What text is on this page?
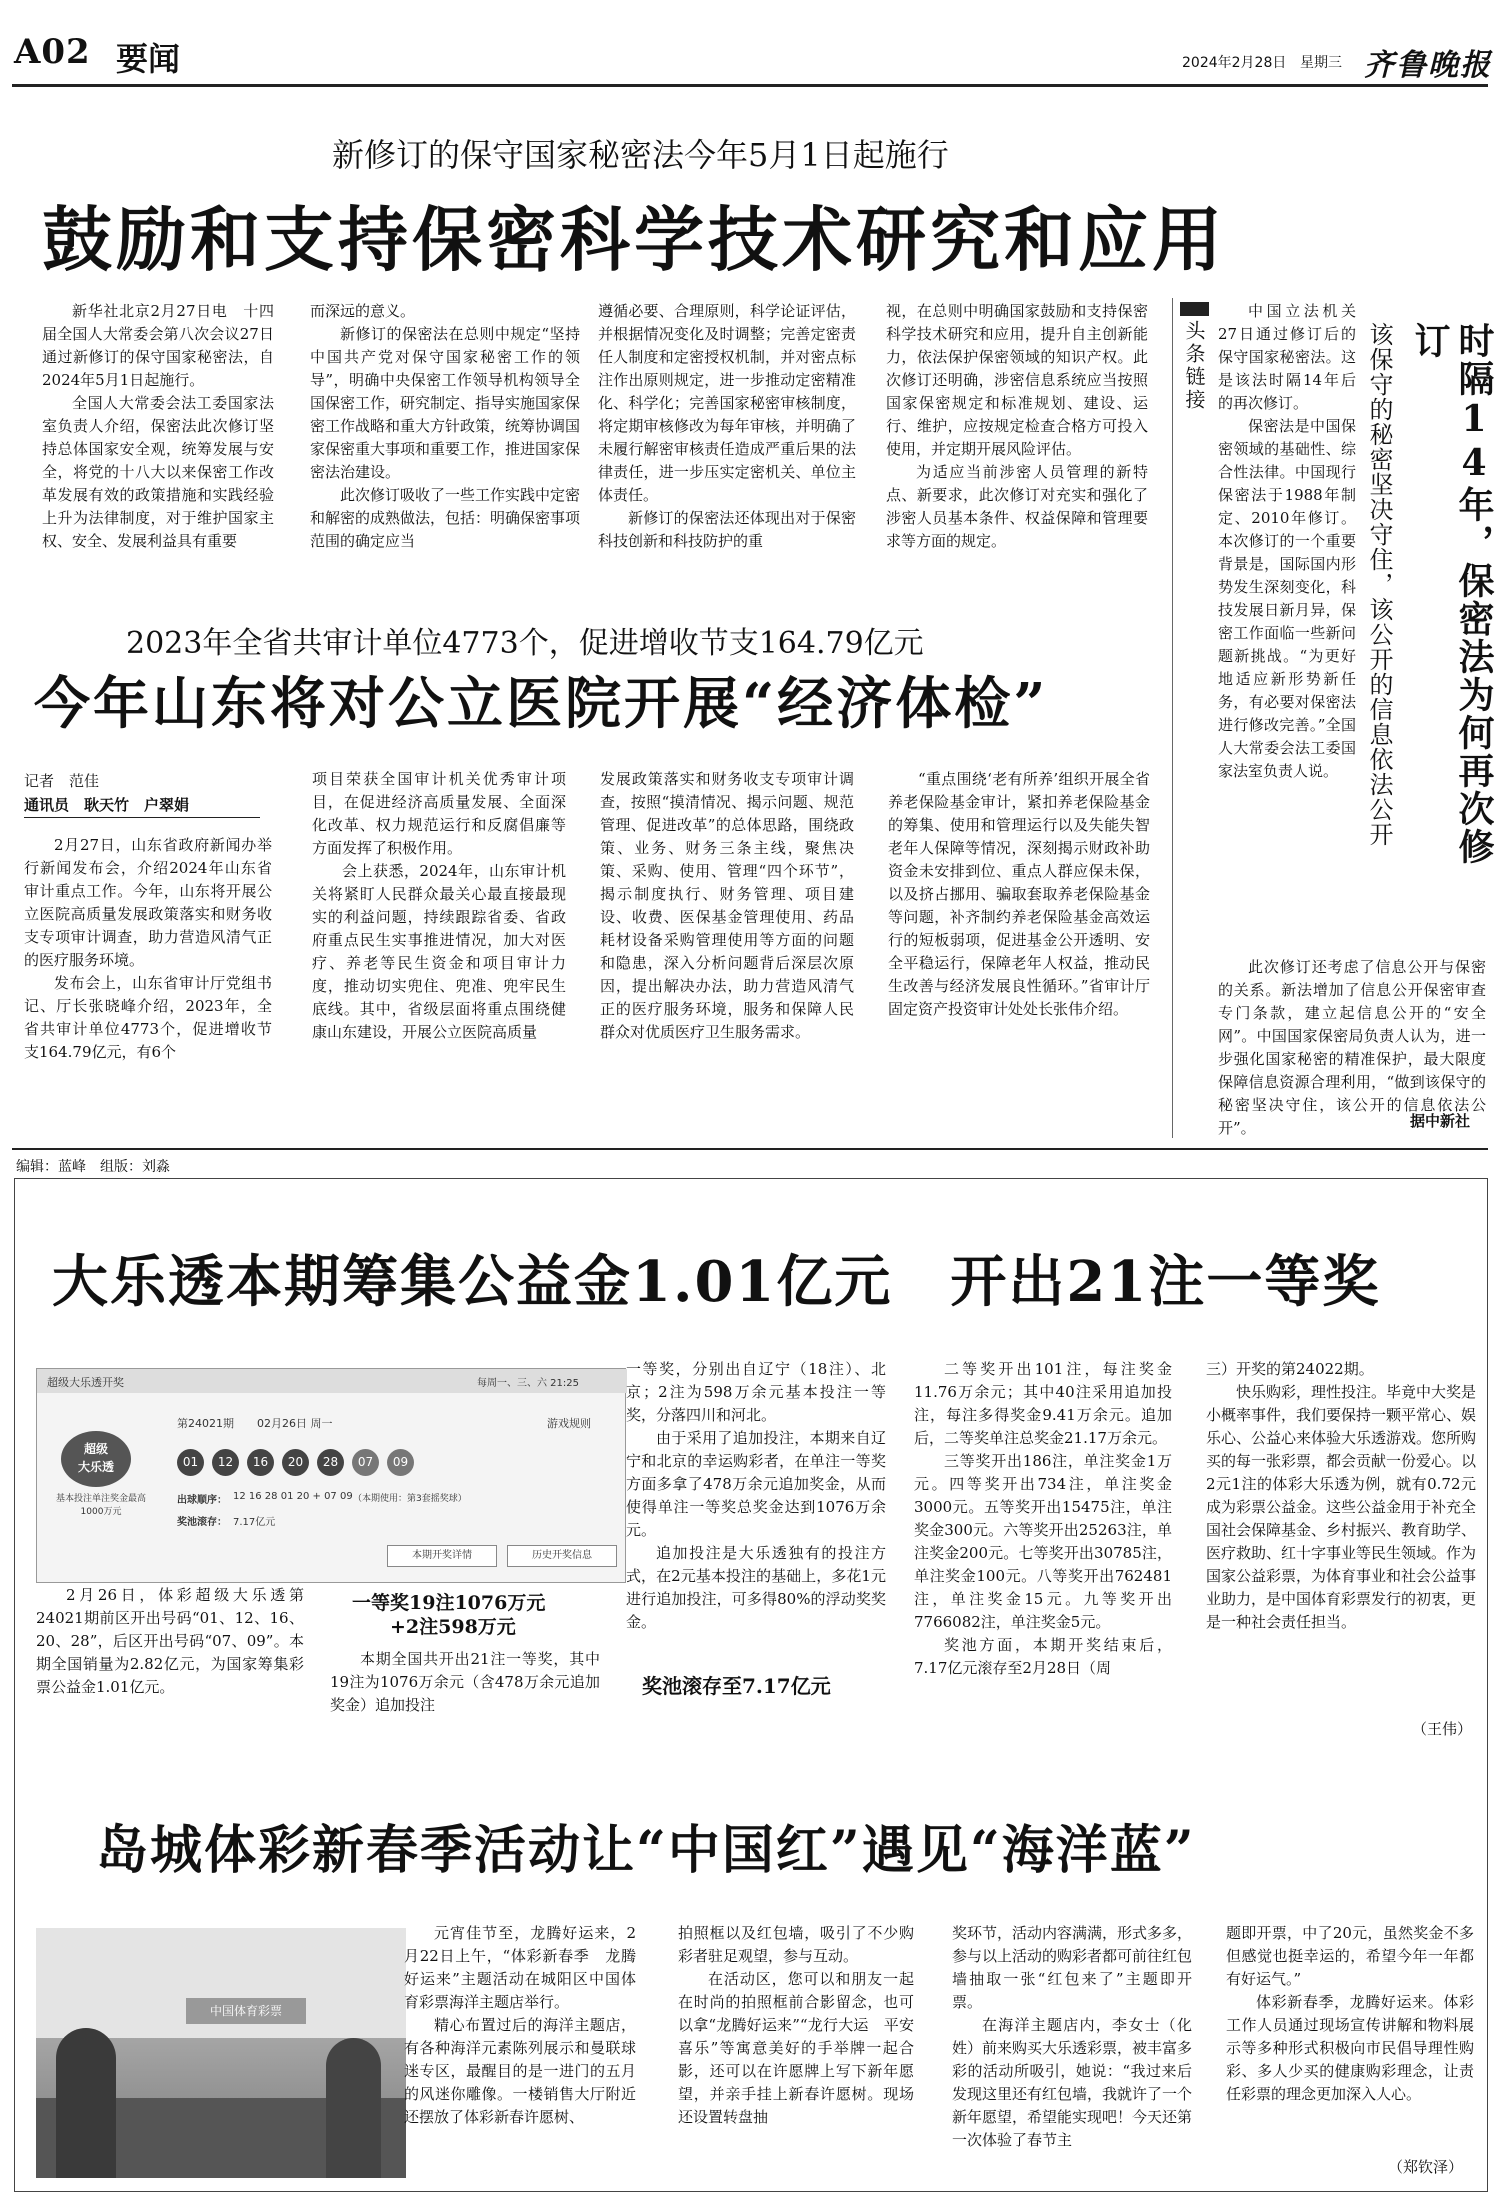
A02 要闻	2024年2月28日 星期三 齐鲁晚报
新修订的保守国家秘密法今年5月1日起施行
鼓励和支持保密科学技术研究和应用

新华社北京2月27日电　十四届全国人大常委会第八次会议27日通过新修订的保守国家秘密法，自2024年5月1日起施行。

全国人大常委会法工委国家法室负责人介绍，保密法此次修订坚持总体国家安全观，统筹发展与安全，将党的十八大以来保密工作改革发展有效的政策措施和实践经验上升为法律制度，对于维护国家主权、安全、发展利益具有重要

而深远的意义。

新修订的保密法在总则中规定“坚持中国共产党对保守国家秘密工作的领导”，明确中央保密工作领导机构领导全国保密工作，研究制定、指导实施国家保密工作战略和重大方针政策，统筹协调国家保密重大事项和重要工作，推进国家保密法治建设。

此次修订吸收了一些工作实践中定密和解密的成熟做法，包括：明确保密事项范围的确定应当

遵循必要、合理原则，科学论证评估，并根据情况变化及时调整；完善定密责任人制度和定密授权机制，并对密点标注作出原则规定，进一步推动定密精准化、科学化；完善国家秘密审核制度，将定期审核修改为每年审核，并明确了未履行解密审核责任造成严重后果的法律责任，进一步压实定密机关、单位主体责任。

新修订的保密法还体现出对于保密科技创新和科技防护的重

视，在总则中明确国家鼓励和支持保密科学技术研究和应用，提升自主创新能力，依法保护保密领域的知识产权。此次修订还明确，涉密信息系统应当按照国家保密规定和标准规划、建设、运行、维护，应按规定检查合格方可投入使用，并定期开展风险评估。

为适应当前涉密人员管理的新特点、新要求，此次修订对充实和强化了涉密人员基本条件、权益保障和管理要求等方面的规定。

头条链接

中国立法机关27日通过修订后的保守国家秘密法。这是该法时隔14年后的再次修订。

保密法是中国保密领域的基础性、综合性法律。中国现行保密法于1988年制定、2010年修订。本次修订的一个重要背景是，国际国内形势发生深刻变化，科技发展日新月异，保密工作面临一些新问题新挑战。“为更好地适应新形势新任务，有必要对保密法进行修改完善。”全国人大常委会法工委国家法室负责人说。	该保守的秘密坚决守住，该公开的信息依法公开	时隔14年，保密法为何再次修订

此次修订还考虑了信息公开与保密的关系。新法增加了信息公开保密审查专门条款，建立起信息公开的“安全网”。中国国家保密局负责人认为，进一步强化国家秘密的精准保护，最大限度保障信息资源合理利用，“做到该保守的秘密坚决守住，该公开的信息依法公开”。	据中新社
2023年全省共审计单位4773个，促进增收节支164.79亿元
今年山东将对公立医院开展“经济体检”
记者　范佳
通讯员　耿天竹　户翠娟

2月27日，山东省政府新闻办举行新闻发布会，介绍2024年山东省审计重点工作。今年，山东将开展公立医院高质量发展政策落实和财务收支专项审计调查，助力营造风清气正的医疗服务环境。

发布会上，山东省审计厅党组书记、厅长张晓峰介绍，2023年，全省共审计单位4773个，促进增收节支164.79亿元，有6个

项目荣获全国审计机关优秀审计项目，在促进经济高质量发展、全面深化改革、权力规范运行和反腐倡廉等方面发挥了积极作用。

会上获悉，2024年，山东审计机关将紧盯人民群众最关心最直接最现实的利益问题，持续跟踪省委、省政府重点民生实事推进情况，加大对医疗、养老等民生资金和项目审计力度，推动切实兜住、兜准、兜牢民生底线。其中，省级层面将重点围绕健康山东建设，开展公立医院高质量

发展政策落实和财务收支专项审计调查，按照“摸清情况、揭示问题、规范管理、促进改革”的总体思路，围绕政策、业务、财务三条主线，聚焦决策、采购、使用、管理“四个环节”，揭示制度执行、财务管理、项目建设、收费、医保基金管理使用、药品耗材设备采购管理使用等方面的问题和隐患，深入分析问题背后深层次原因，提出解决办法，助力营造风清气正的医疗服务环境，服务和保障人民群众对优质医疗卫生服务需求。

“重点围绕‘老有所养’组织开展全省养老保险基金审计，紧扣养老保险基金的筹集、使用和管理运行以及失能失智老年人保障等情况，深刻揭示财政补助资金未安排到位、重点人群应保未保，以及挤占挪用、骗取套取养老保险基金等问题，补齐制约养老保险基金高效运行的短板弱项，促进基金公开透明、安全平稳运行，保障老年人权益，推动民生改善与经济发展良性循环。”省审计厅固定资产投资审计处处长张伟介绍。

编辑：蓝峰　组版：刘淼
大乐透本期筹集公益金1.01亿元　开出21注一等奖
超级大乐透开奖	每周一、三、六 21:25
第24021期 02月26日 周一	游戏规则
超级
大乐透
基本投注单注奖金最高1000万元
01	12	16	20	28	07	09
出球顺序： 12 16 28 01 20 + 07 09 （本期使用：第3套摇奖球）
奖池滚存： 7.17亿元
本期开奖详情	历史开奖信息

2月26日，体彩超级大乐透第24021期前区开出号码“01、12、16、20、28”，后区开出号码“07、09”。本期全国销量为2.82亿元，为国家筹集彩票公益金1.01亿元。

一等奖19注1076万元
+2注598万元

本期全国共开出21注一等奖，其中19注为1076万余元（含478万余元追加奖金）追加投注

一等奖，分别出自辽宁（18注）、北京；2注为598万余元基本投注一等奖，分落四川和河北。

由于采用了追加投注，本期来自辽宁和北京的幸运购彩者，在单注一等奖方面多拿了478万余元追加奖金，从而使得单注一等奖总奖金达到1076万余元。

追加投注是大乐透独有的投注方式，在2元基本投注的基础上，多花1元进行追加投注，可多得80%的浮动奖奖金。

奖池滚存至7.17亿元

二等奖开出101注，每注奖金11.76万余元；其中40注采用追加投注，每注多得奖金9.41万余元。追加后，二等奖单注总奖金21.17万余元。

三等奖开出186注，单注奖金1万元。四等奖开出734注，单注奖金3000元。五等奖开出15475注，单注奖金300元。六等奖开出25263注，单注奖金200元。七等奖开出30785注，单注奖金100元。八等奖开出762481注，单注奖金15元。九等奖开出7766082注，单注奖金5元。

奖池方面，本期开奖结束后，7.17亿元滚存至2月28日（周

三）开奖的第24022期。

快乐购彩，理性投注。毕竟中大奖是小概率事件，我们要保持一颗平常心、娱乐心、公益心来体验大乐透游戏。您所购买的每一张彩票，都会贡献一份爱心。以2元1注的体彩大乐透为例，就有0.72元成为彩票公益金。这些公益金用于补充全国社会保障基金、乡村振兴、教育助学、医疗救助、红十字事业等民生领域。作为国家公益彩票，为体育事业和社会公益事业助力，是中国体育彩票发行的初衷，更是一种社会责任担当。

（王伟）
岛城体彩新春季活动让“中国红”遇见“海洋蓝”
中国体育彩票

元宵佳节至，龙腾好运来，2月22日上午，“体彩新春季　龙腾好运来”主题活动在城阳区中国体育彩票海洋主题店举行。

精心布置过后的海洋主题店，有各种海洋元素陈列展示和曼联球迷专区，最醒目的是一进门的五月的风迷你雕像。一楼销售大厅附近还摆放了体彩新春许愿树、

拍照框以及红包墙，吸引了不少购彩者驻足观望，参与互动。

在活动区，您可以和朋友一起在时尚的拍照框前合影留念，也可以拿“龙腾好运来”“龙行大运　平安喜乐”等寓意美好的手举牌一起合影，还可以在许愿牌上写下新年愿望，并亲手挂上新春许愿树。现场还设置转盘抽

奖环节，活动内容满满，形式多多，参与以上活动的购彩者都可前往红包墙抽取一张“红包来了”主题即开票。

在海洋主题店内，李女士（化姓）前来购买大乐透彩票，被丰富多彩的活动所吸引，她说：“我过来后发现这里还有红包墙，我就许了一个新年愿望，希望能实现吧！今天还第一次体验了春节主

题即开票，中了20元，虽然奖金不多但感觉也挺幸运的，希望今年一年都有好运气。”

体彩新春季，龙腾好运来。体彩工作人员通过现场宣传讲解和物料展示等多种形式积极向市民倡导理性购彩、多人少买的健康购彩理念，让责任彩票的理念更加深入人心。

（郑钦泽）
